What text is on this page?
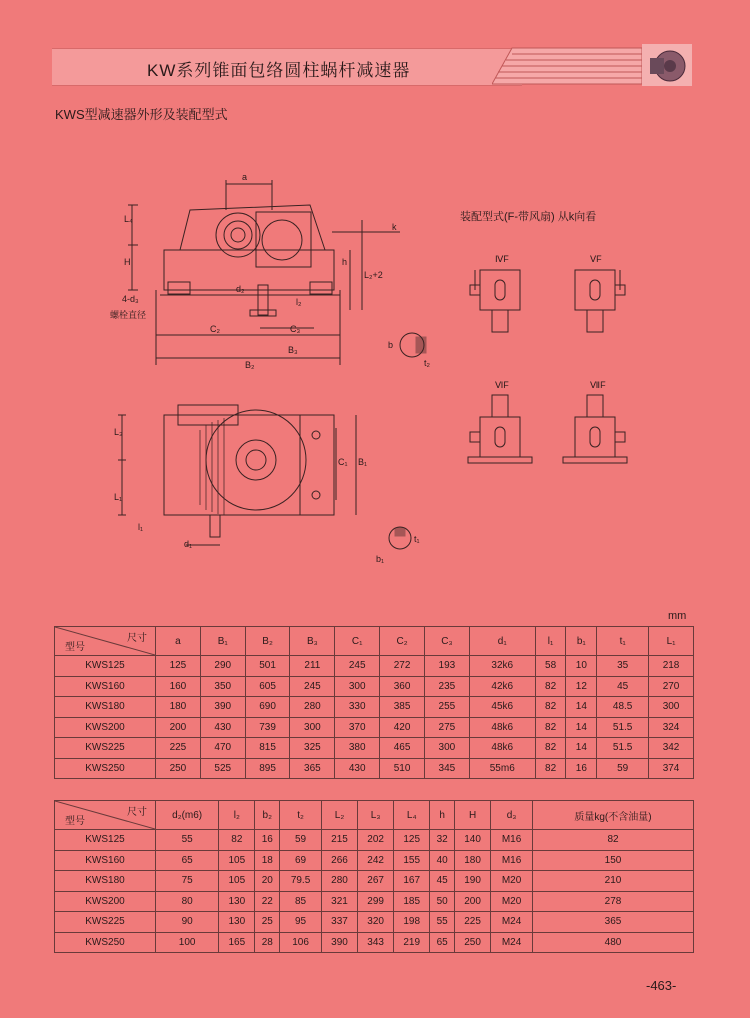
KW系列锥面包络圆柱蜗杆减速器
KWS型减速器外形及装配型式
装配型式(F-带风扇) 从k向看
ⅣF	ⅤF
ⅥF	ⅦF
螺栓直径
a
L₄
H	h
L₂+2
k
d₂
C₂	C₃
B₃
B₂
4-d₃	l₂
b
t₂
L₃
L₁
C₁ B₁
t₁
d₁
b₁
l₁
mm
尺寸
型号	a	B₁	B₂	B₃	C₁	C₂	C₃	d₁	l₁	b₁	t₁	L₁
KWS125	125	290	501	211	245	272	193	32k6	58	10	35	218
KWS160	160	350	605	245	300	360	235	42k6	82	12	45	270
KWS180	180	390	690	280	330	385	255	45k6	82	14	48.5	300
KWS200	200	430	739	300	370	420	275	48k6	82	14	51.5	324
KWS225	225	470	815	325	380	465	300	48k6	82	14	51.5	342
KWS250	250	525	895	365	430	510	345	55m6	82	16	59	374
尺寸
型号	d₂(m6)	l₂	b₂	t₂	L₂	L₃	L₄	h	H	d₃	质量kg(不含油量)
KWS125	55	82	16	59	215	202	125	32	140	M16	82
KWS160	65	105	18	69	266	242	155	40	180	M16	150
KWS180	75	105	20	79.5	280	267	167	45	190	M20	210
KWS200	80	130	22	85	321	299	185	50	200	M20	278
KWS225	90	130	25	95	337	320	198	55	225	M24	365
KWS250	100	165	28	106	390	343	219	65	250	M24	480
-463-
